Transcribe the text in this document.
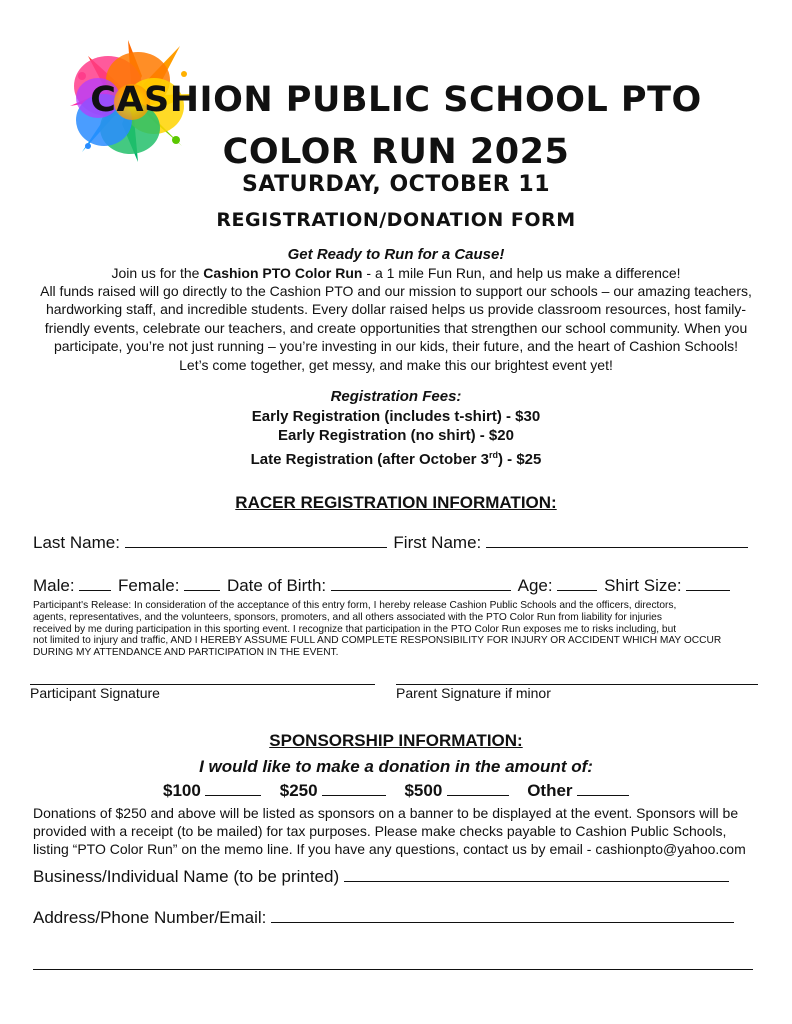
CASHION PUBLIC SCHOOL PTO
COLOR RUN 2025
SATURDAY, OCTOBER 11
REGISTRATION/DONATION FORM
Get Ready to Run for a Cause!
Join us for the Cashion PTO Color Run - a 1 mile Fun Run, and help us make a difference!
All funds raised will go directly to the Cashion PTO and our mission to support our schools – our amazing teachers,
hardworking staff, and incredible students. Every dollar raised helps us provide classroom resources, host family-
friendly events, celebrate our teachers, and create opportunities that strengthen our school community. When you
participate, you’re not just running – you’re investing in our kids, their future, and the heart of Cashion Schools!
Let’s come together, get messy, and make this our brightest event yet!
Registration Fees:
Early Registration (includes t-shirt) - $30
Early Registration (no shirt) - $20
Late Registration (after October 3rd) - $25
RACER REGISTRATION INFORMATION:
Last Name:	First Name:
Male:	Female:	Date of Birth:	Age:	Shirt Size:
Participant's Release: In consideration of the acceptance of this entry form, I hereby release Cashion Public Schools and the officers, directors,
agents, representatives, and the volunteers, sponsors, promoters, and all others associated with the PTO Color Run from liability for injuries
received by me during participation in this sporting event. I recognize that participation in the PTO Color Run exposes me to risks including, but
not limited to injury and traffic, AND I HEREBY ASSUME FULL AND COMPLETE RESPONSIBILITY FOR INJURY OR ACCIDENT WHICH MAY OCCUR
DURING MY ATTENDANCE AND PARTICIPATION IN THE EVENT.
Participant Signature	Parent Signature if minor
SPONSORSHIP INFORMATION:
I would like to make a donation in the amount of:
$100	$250	$500	Other
Donations of $250 and above will be listed as sponsors on a banner to be displayed at the event. Sponsors will be
provided with a receipt (to be mailed) for tax purposes. Please make checks payable to Cashion Public Schools,
listing “PTO Color Run” on the memo line. If you have any questions, contact us by email - cashionpto@yahoo.com
Business/Individual Name (to be printed)
Address/Phone Number/Email:
